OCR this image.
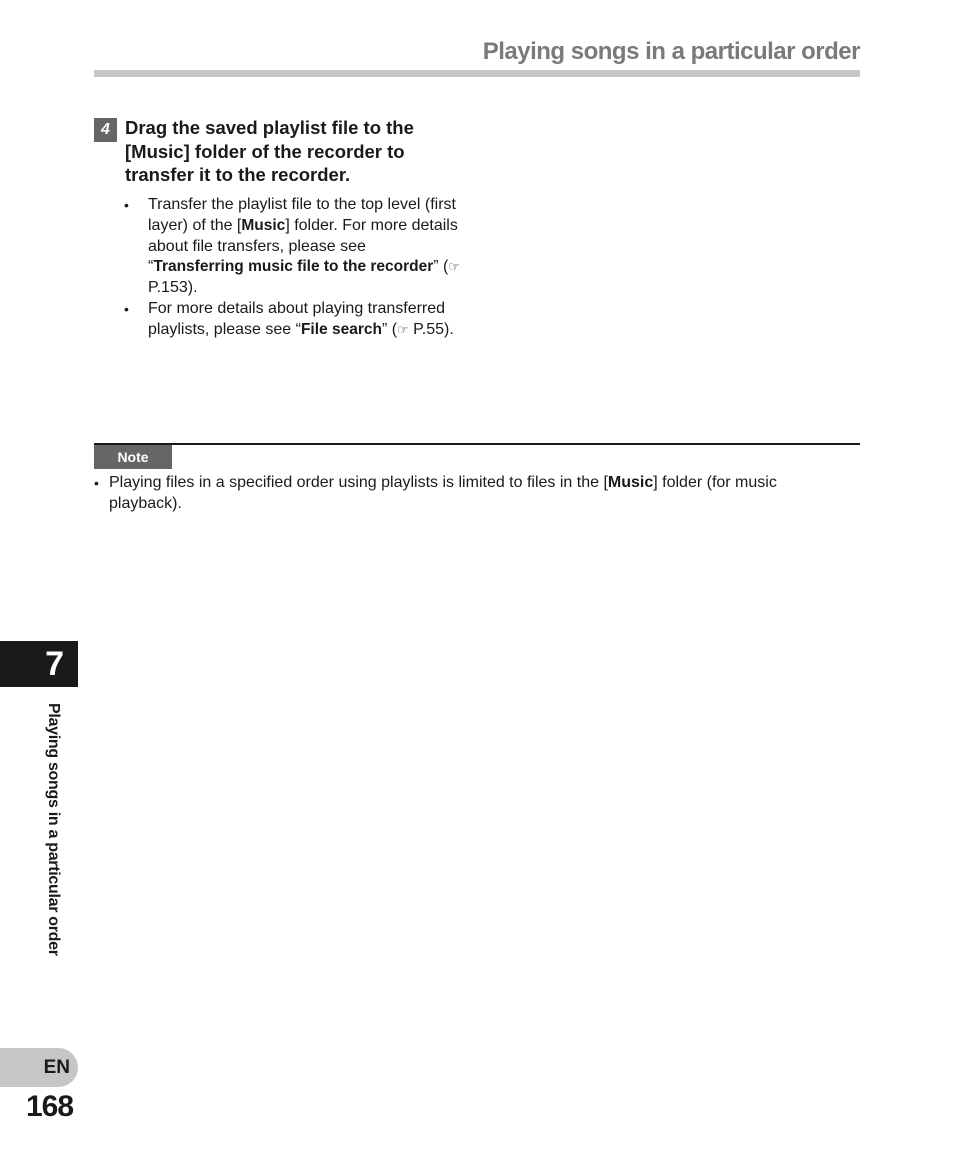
Playing songs in a particular order
4 Drag the saved playlist file to the [Music] folder of the recorder to transfer it to the recorder.
•	Transfer the playlist file to the top level (first layer) of the [Music] folder. For more details about file transfers, please see “Transferring music file to the recorder” (☞ P.153).
•	For more details about playing transferred playlists, please see “File search” (☞ P.55).
Note
• Playing files in a specified order using playlists is limited to files in the [Music] folder (for music playback).
7
Playing songs in a particular order
EN
168
